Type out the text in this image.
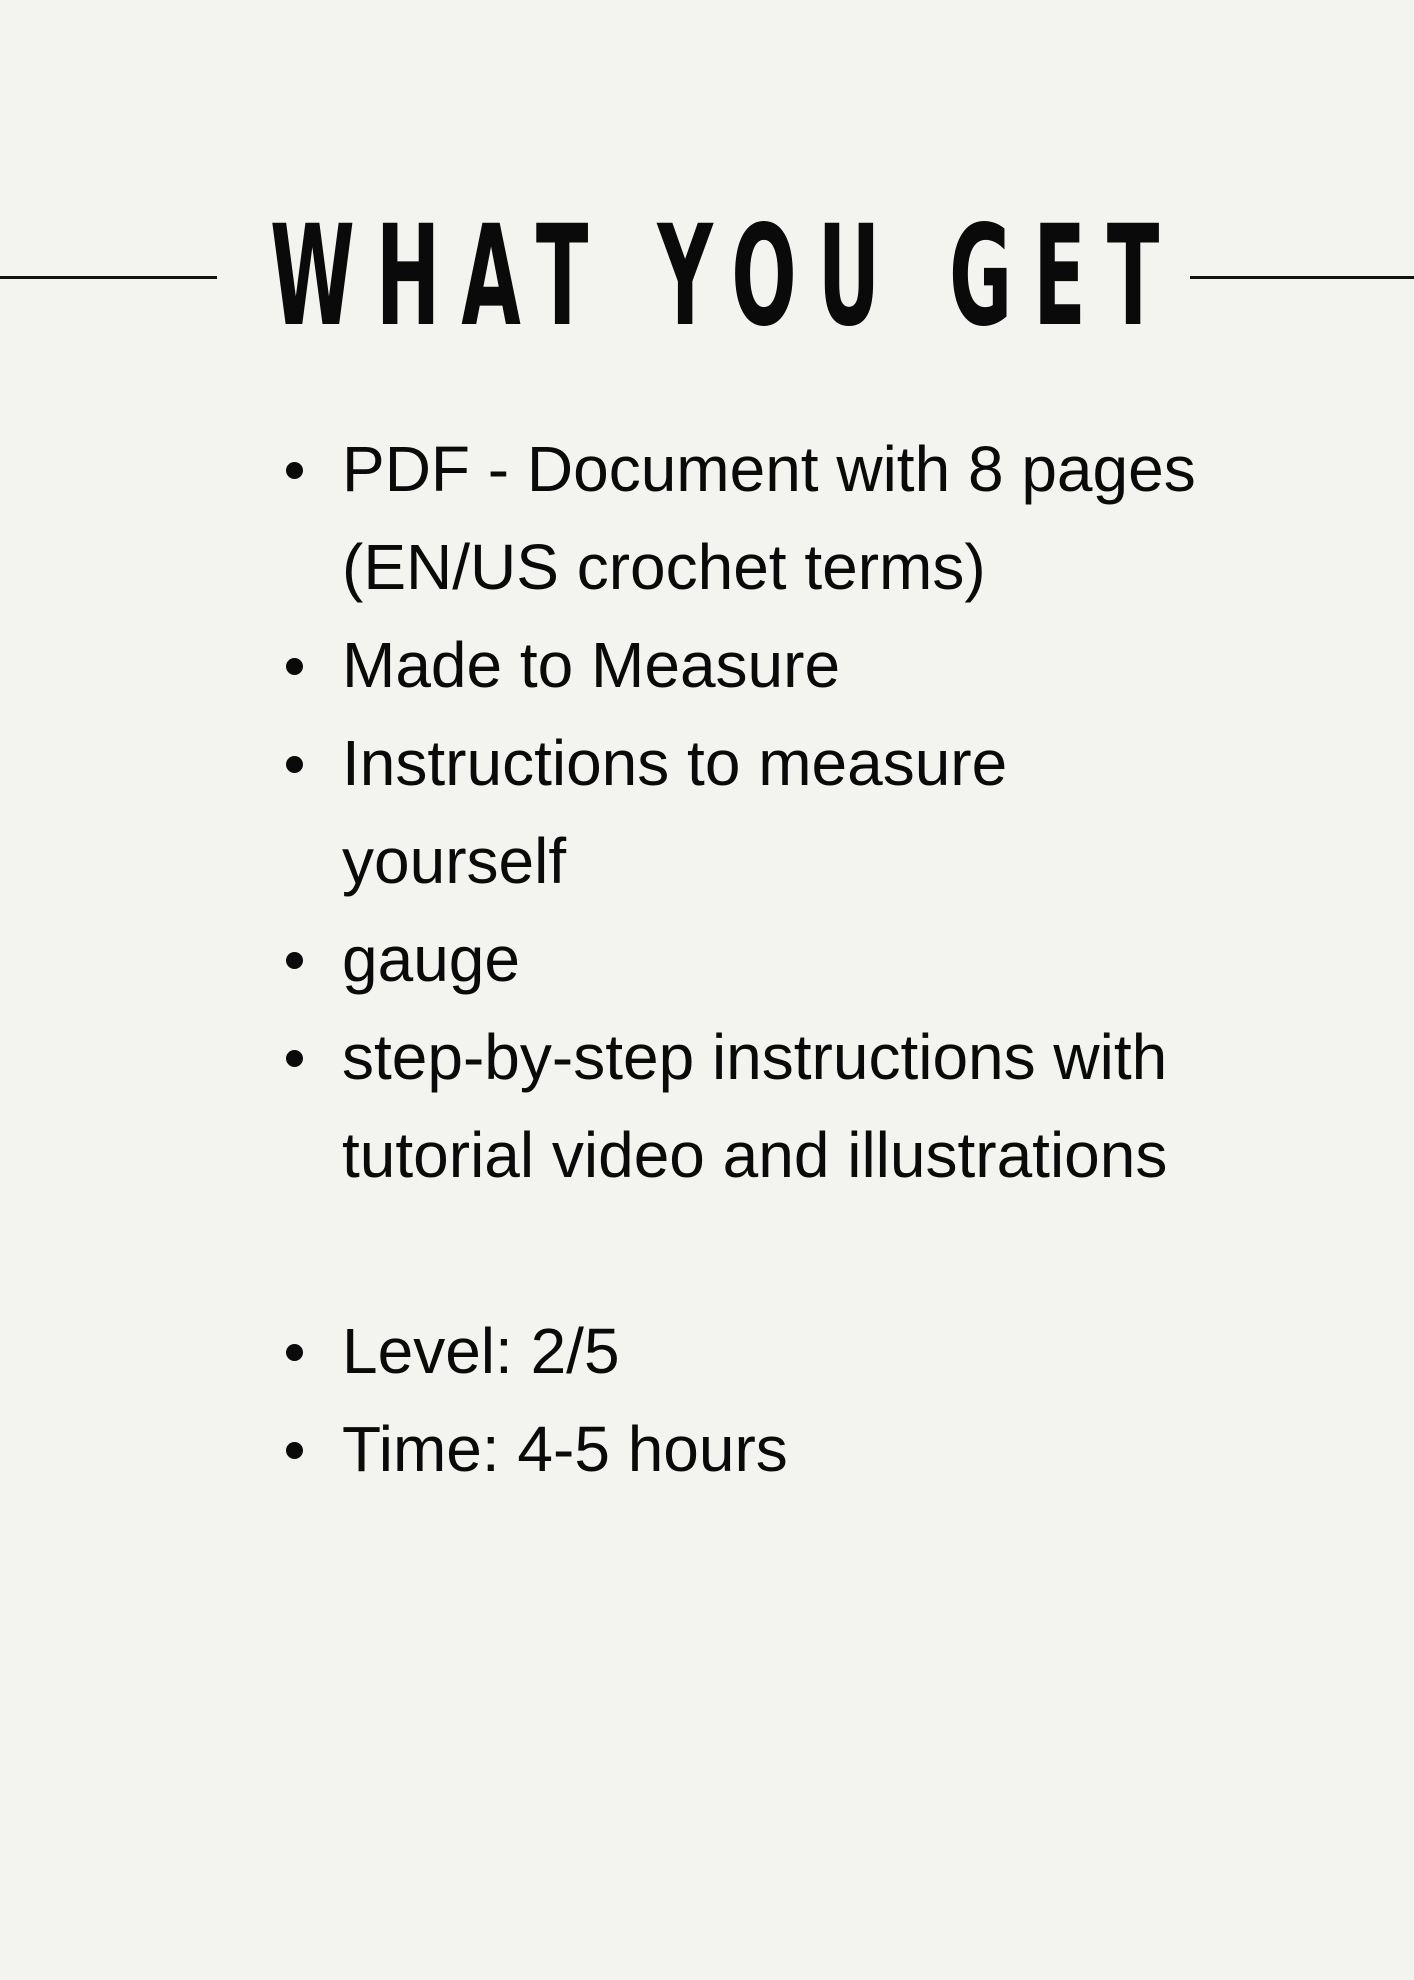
WHAT YOU GET
PDF - Document with 8 pages (EN/US crochet terms)
Made to Measure
Instructions to measure yourself
gauge
step-by-step instructions with tutorial video and illustrations
Level: 2/5
Time: 4-5 hours
